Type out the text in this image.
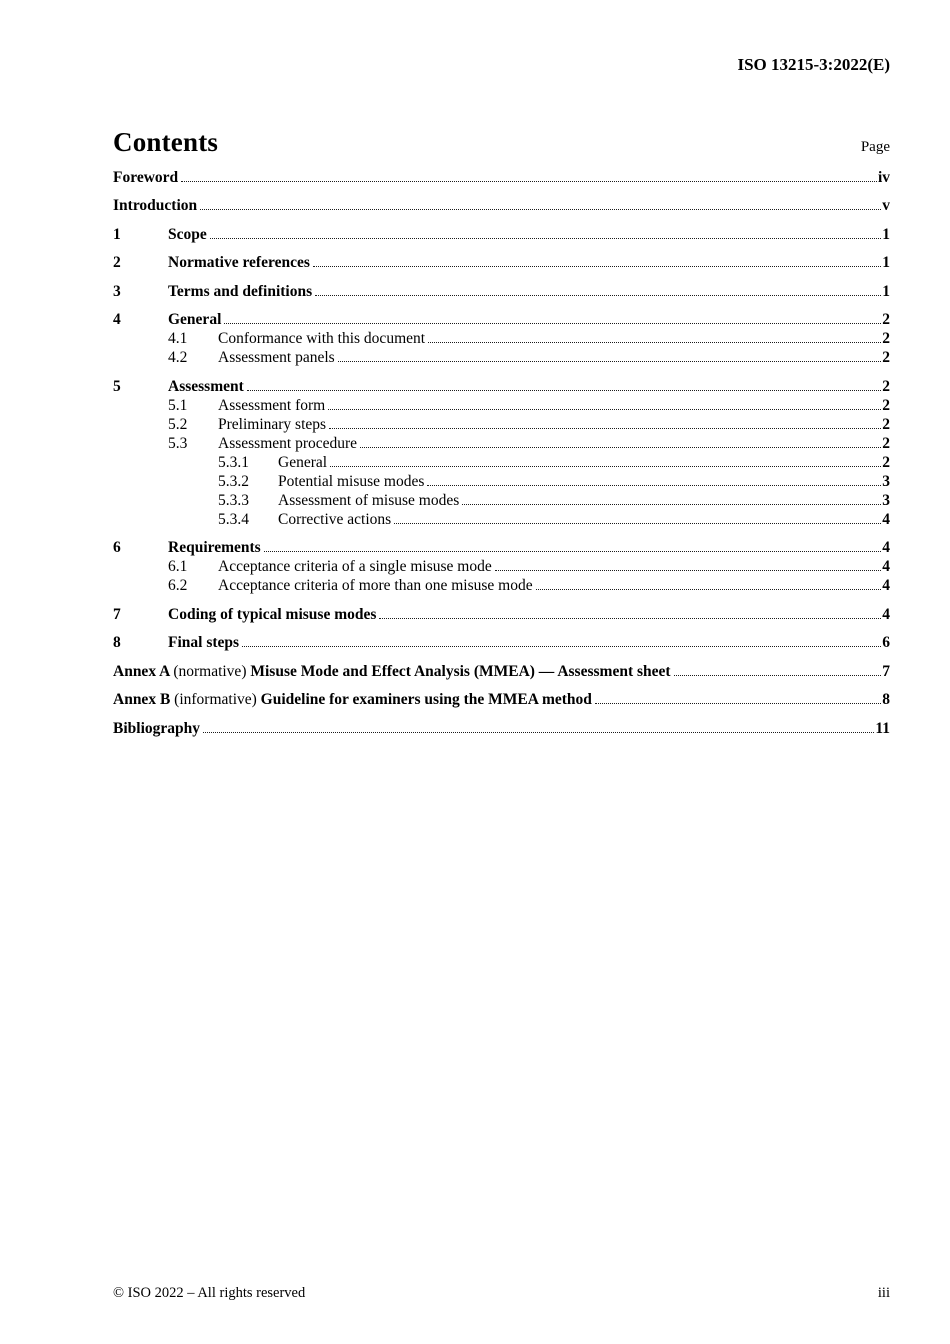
ISO 13215-3:2022(E)
Contents	Page
Foreword	iv
Introduction	v
1	Scope	1
2	Normative references	1
3	Terms and definitions	1
4	General	2
4.1	Conformance with this document	2
4.2	Assessment panels	2
5	Assessment	2
5.1	Assessment form	2
5.2	Preliminary steps	2
5.3	Assessment procedure	2
5.3.1	General	2
5.3.2	Potential misuse modes	3
5.3.3	Assessment of misuse modes	3
5.3.4	Corrective actions	4
6	Requirements	4
6.1	Acceptance criteria of a single misuse mode	4
6.2	Acceptance criteria of more than one misuse mode	4
7	Coding of typical misuse modes	4
8	Final steps	6
Annex A (normative) Misuse Mode and Effect Analysis (MMEA) — Assessment sheet	7
Annex B (informative) Guideline for examiners using the MMEA method	8
Bibliography	11
© ISO 2022 – All rights reserved	iii
